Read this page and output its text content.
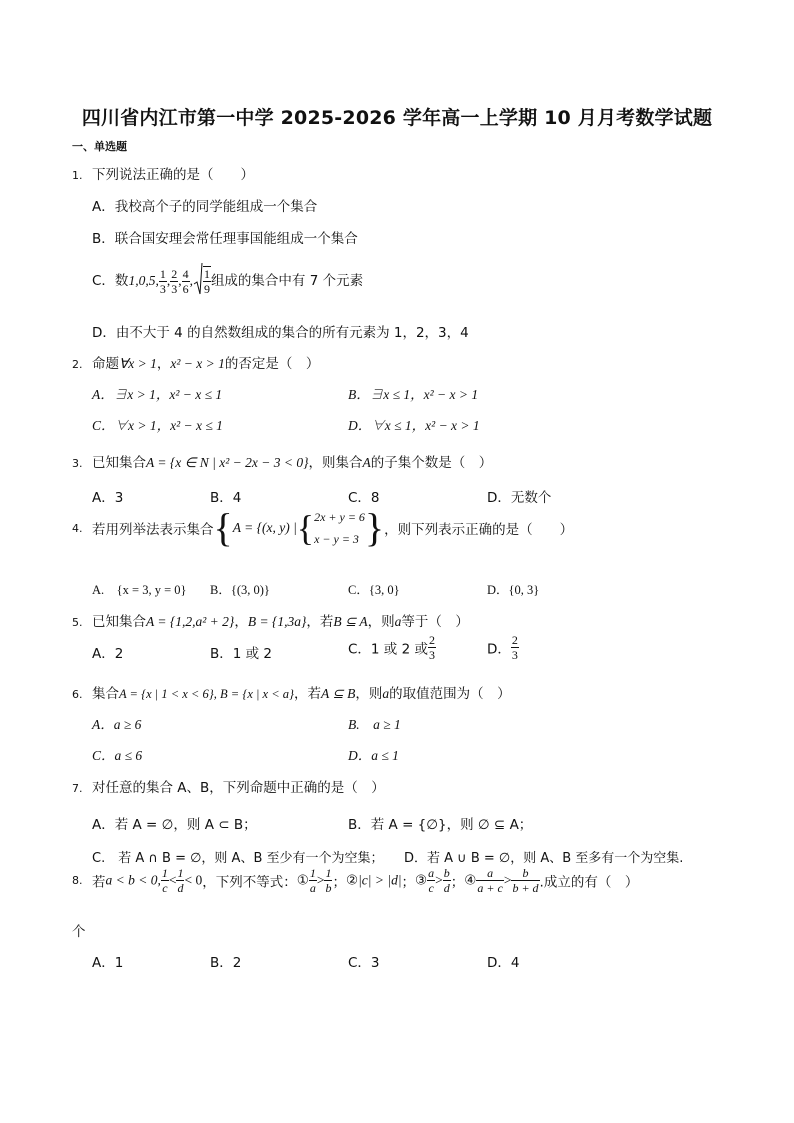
四川省内江市第一中学 2025-2026 学年高一上学期 10 月月考数学试题
一、单选题
1. 下列说法正确的是（　　）
A．我校高个子的同学能组成一个集合
B．联合国安理会常任理事国能组成一个集合
C．数1,0,5, $\frac{1}{3}$ , $\frac{2}{3}$ , $\frac{4}{6}$ , $\frac{1}{9}$ 组成的集合中有 7 个元素
D．由不大于 4 的自然数组成的集合的所有元素为 1，2，3，4
2. 命题∀x > 1，x² − x > 1的否定是（　）
A．∃x > 1，x² − x ≤ 1	B．∃x ≤ 1，x² − x > 1
C．∀x > 1，x² − x ≤ 1	D．∀x ≤ 1，x² − x > 1
3. 已知集合A = {x ∈ N | x² − 2x − 3 < 0}，则集合A的子集个数是（　）
A．3	B．4	C．8	D．无数个
4. 若用列举法表示集合{A = {(x, y) |{ 2x + y = 6
x − y = 3 }，则下列表示正确的是（　　）
A.　{x = 3, y = 0} B．{(3, 0)}	C．{3, 0}	D．{0, 3}
5. 已知集合A = {1,2,a² + 2}，B = {1,3a}，若B ⊆ A，则a等于（　）
A．2	B．1 或 2	C．1 或 2 或 $\frac{2}{3}$	D． $\frac{2}{3}$
6. 集合A = {x | 1 < x < 6}, B = {x | x < a}，若A ⊆ B，则a的取值范围为（　）
A．a ≥ 6	B.　a ≥ 1
C．a ≤ 6	D．a ≤ 1
7. 对任意的集合 A、B，下列命题中正确的是（　）
A．若 A = ∅，则 A ⊂ B；	B．若 A = {∅}，则 ∅ ⊆ A；
C.　若 A ∩ B = ∅，则 A、B 至少有一个为空集； D．若 A ∪ B = ∅，则 A、B 至多有一个为空集.
8. 若a < b < 0, $\frac{1}{c} < \frac{1}{d} < 0$，下列不等式：① $\frac{1}{a} > \frac{1}{b}$ ；②|c| > |d|；③ $\frac{a}{c} > \frac{b}{d}$ ；④ $\frac{a}{a + c} > \frac{b}{b + d}$ .成立的有（　）
个
A．1	B．2	C．3	D．4
